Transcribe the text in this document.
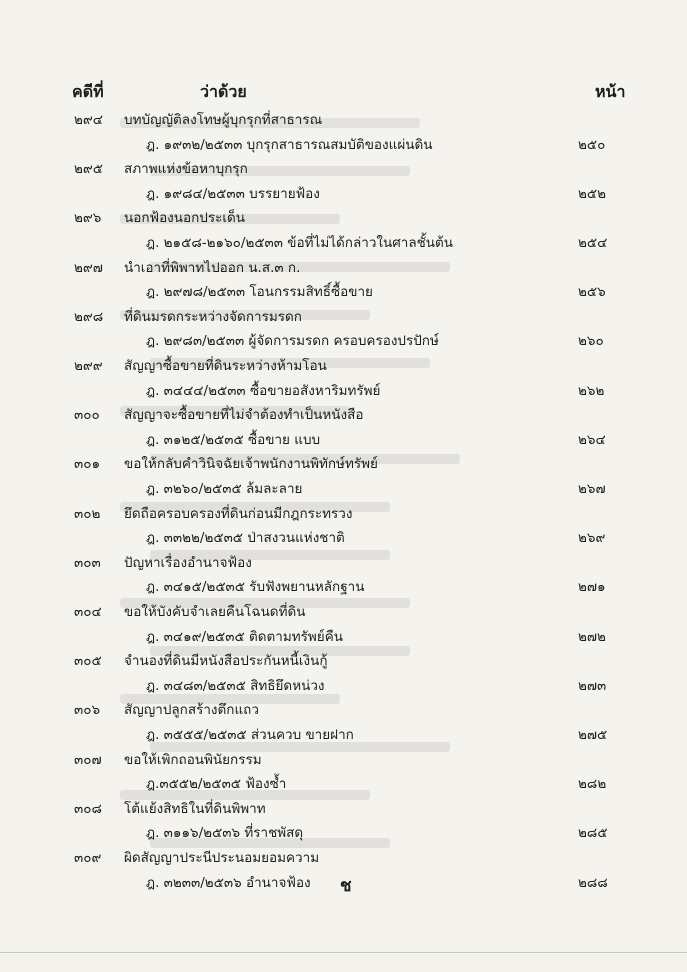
คดีที่	ว่าด้วย	หน้า
๒๙๔ บทบัญญัติลงโทษผู้บุกรุกที่สาธารณ
ฎ. ๑๙๓๒/๒๕๓๓ บุกรุกสาธารณสมบัติของแผ่นดิน	๒๕๐
๒๙๕ สภาพแห่งข้อหาบุกรุก
ฎ. ๑๙๘๔/๒๕๓๓ บรรยายฟ้อง	๒๕๒
๒๙๖ นอกฟ้องนอกประเด็น
ฎ. ๒๑๕๘-๒๑๖๐/๒๕๓๓ ข้อที่ไม่ได้กล่าวในศาลชั้นต้น	๒๕๔
๒๙๗ นำเอาที่พิพาทไปออก น.ส.๓ ก.
ฎ. ๒๙๗๘/๒๕๓๓ โอนกรรมสิทธิ์ซื้อขาย	๒๕๖
๒๙๘ ที่ดินมรดกระหว่างจัดการมรดก
ฎ. ๒๙๘๓/๒๕๓๓ ผู้จัดการมรดก ครอบครองปรปักษ์	๒๖๐
๒๙๙ สัญญาซื้อขายที่ดินระหว่างห้ามโอน
ฎ. ๓๔๔๔/๒๕๓๓ ซื้อขายอสังหาริมทรัพย์	๒๖๒
๓๐๐ สัญญาจะซื้อขายที่ไม่จำต้องทำเป็นหนังสือ
ฎ. ๓๑๒๕/๒๕๓๕ ซื้อขาย แบบ	๒๖๔
๓๐๑ ขอให้กลับคำวินิจฉัยเจ้าพนักงานพิทักษ์ทรัพย์
ฎ. ๓๒๖๐/๒๕๓๕ ล้มละลาย	๒๖๗
๓๐๒ ยึดถือครอบครองที่ดินก่อนมีกฎกระทรวง
ฎ. ๓๓๒๒/๒๕๓๕ ป่าสงวนแห่งชาติ	๒๖๙
๓๐๓ ปัญหาเรื่องอำนาจฟ้อง
ฎ. ๓๔๑๕/๒๕๓๕ รับฟังพยานหลักฐาน	๒๗๑
๓๐๔ ขอให้บังคับจำเลยคืนโฉนดที่ดิน
ฎ. ๓๔๑๙/๒๕๓๕ ติดตามทรัพย์คืน	๒๗๒
๓๐๕ จำนองที่ดินมีหนังสือประกันหนี้เงินกู้
ฎ. ๓๔๘๓/๒๕๓๕ สิทธิยึดหน่วง	๒๗๓
๓๐๖ สัญญาปลูกสร้างตึกแถว
ฎ. ๓๕๕๕/๒๕๓๕ ส่วนควบ ขายฝาก	๒๗๕
๓๐๗ ขอให้เพิกถอนพินัยกรรม
ฎ.๓๕๕๒/๒๕๓๕ ฟ้องซ้ำ	๒๘๒
๓๐๘ โต้แย้งสิทธิในที่ดินพิพาท
ฎ. ๓๑๑๖/๒๕๓๖ ที่ราชพัสดุ	๒๘๕
๓๐๙ ผิดสัญญาประนีประนอมยอมความ
ฎ. ๓๒๓๓/๒๕๓๖ อำนาจฟ้อง	๒๘๘
ช
